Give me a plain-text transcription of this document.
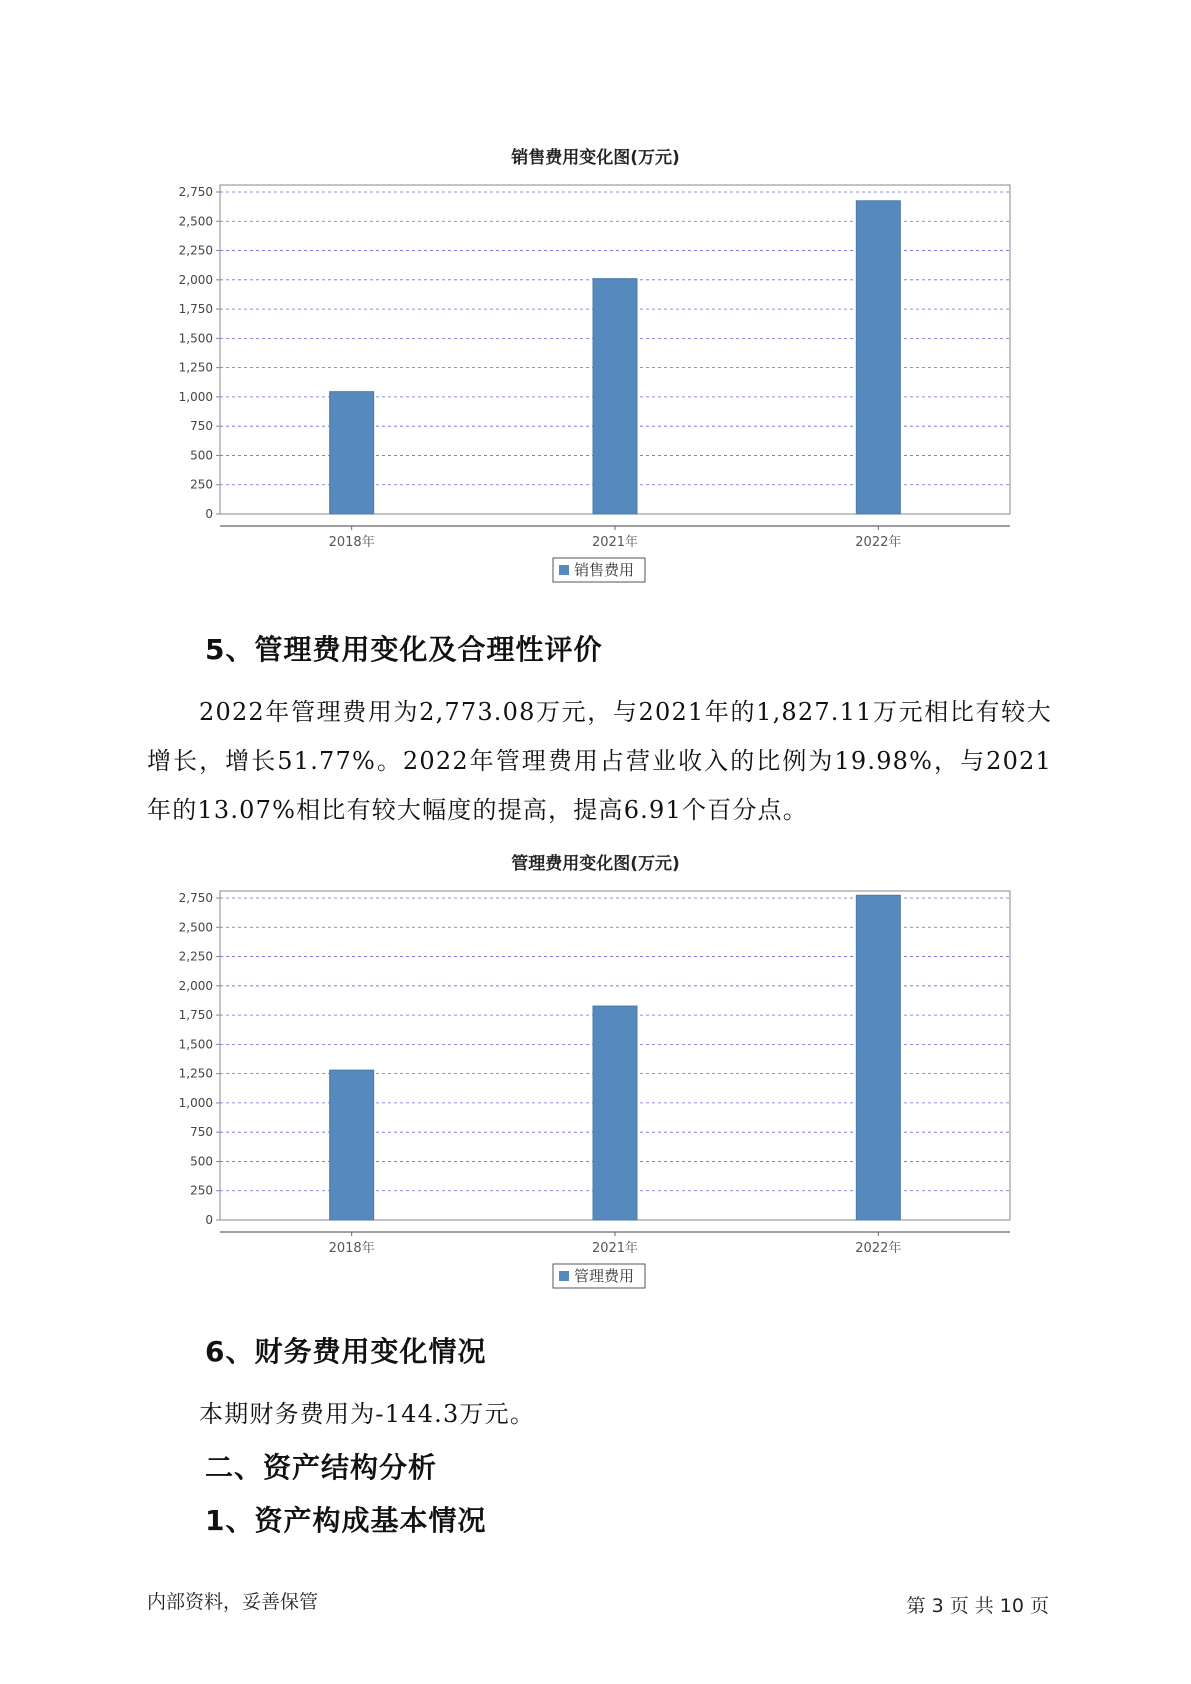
销售费用变化图(万元)
0
250
500
750
1,000
1,250
1,500
1,750
2,000
2,250
2,500
2,750
2018年	2021年	2022年
销售费用
5、管理费用变化及合理性评价
2022年管理费用为2,773.08万元，与2021年的1,827.11万元相比有较大增长，增长51.77%。2022年管理费用占营业收入的比例为19.98%，与2021年的13.07%相比有较大幅度的提高，提高6.91个百分点。
管理费用变化图(万元)
0
250
500
750
1,000
1,250
1,500
1,750
2,000
2,250
2,500
2,750
2018年	2021年	2022年
管理费用
6、财务费用变化情况
本期财务费用为-144.3万元。
二、资产结构分析
1、资产构成基本情况
内部资料，妥善保管	第 3 页 共 10 页
